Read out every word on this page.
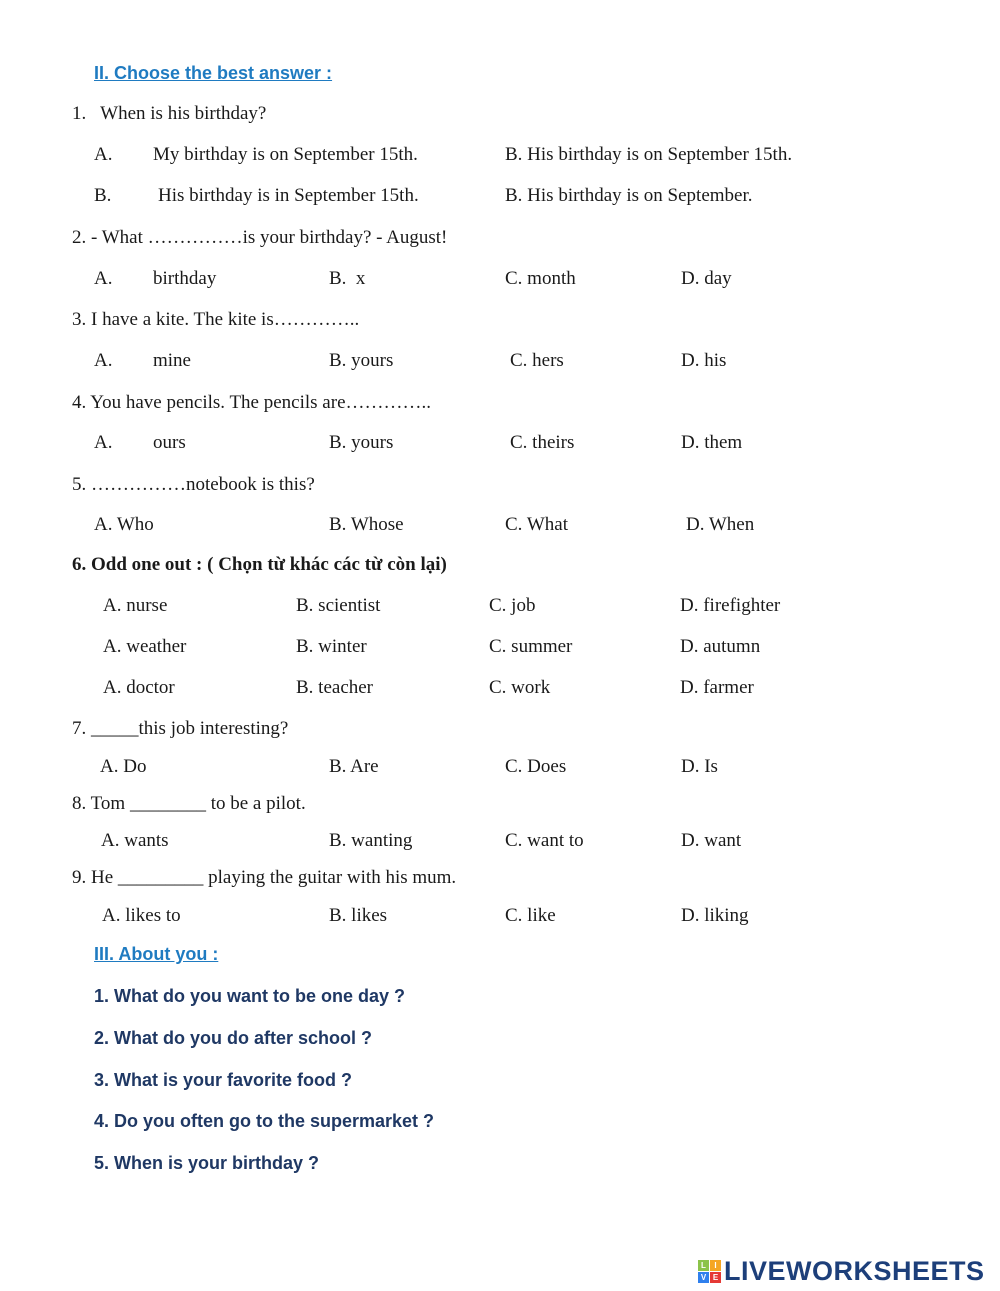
II. Choose the best answer :
1.   When is his birthday?

A.

My birthday is on September 15th.

	B. His birthday is on September 15th.

B.

His birthday is in September 15th.

	B. His birthday is on September.

2. - What ……………is your birthday? - August!

A.

birthday

	B.  x

	C. month

	D. day

3. I have a kite. The kite is…………..

A.

mine

	B. yours

	C. hers

	D. his

4. You have pencils. The pencils are…………..

A.

ours

	B. yours

	C. theirs

	D. them

5. ……………notebook is this?

A. Who

	B. Whose

	C. What

	D. When

6. Odd one out : ( Chọn từ khác các từ còn lại)

A. nurse

	B. scientist

	C. job

	D. firefighter

A. weather

	B. winter

	C. summer

	D. autumn

A. doctor

	B. teacher

	C. work

	D. farmer

7. _____this job interesting?

A. Do

	B. Are

	C. Does

	D. Is

8. Tom ________ to be a pilot.

A. wants

	B. wanting

	C. want to

	D. want

9. He _________ playing the guitar with his mum.

A. likes to

	B. likes

	C. like

	D. liking

III. About you :
1. What do you want to be one day ?
2. What do you do after school ?
3. What is your favorite food ?
4. Do you often go to the supermarket ?
5. When is your birthday ?
L	I
V E LIVEWORKSHEETS
